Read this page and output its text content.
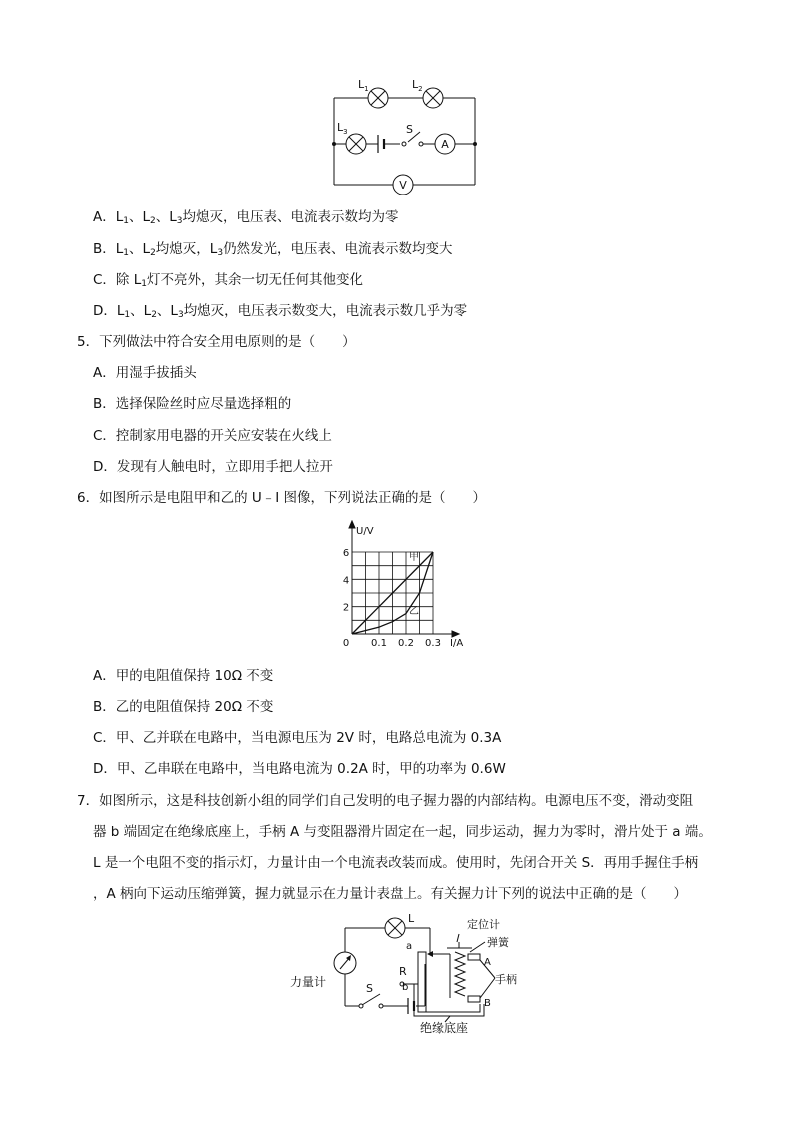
A
V
$L_1$	$L_2$
$L_3$	S
A．$L_1$、$L_2$、$L_3$均熄灭，电压表、电流表示数均为零
B．$L_1$、$L_2$均熄灭，$L_3$仍然发光，电压表、电流表示数均变大
C．除 $L_1$灯不亮外，其余一切无任何其他变化
D．$L_1$、$L_2$、$L_3$均熄灭，电压表示数变大，电流表示数几乎为零
5．下列做法中符合安全用电原则的是（　　）
A．用湿手拔插头
B．选择保险丝时应尽量选择粗的
C．控制家用电器的开关应安装在火线上
D．发现有人触电时，立即用手把人拉开
6．如图所示是电阻甲和乙的 U﹣I 图像，下列说法正确的是（　　）
U/V
I/A
甲
乙
0 0.1 0.2 0.3
2
4
6
A．甲的电阻值保持 10Ω 不变
B．乙的电阻值保持 20Ω 不变
C．甲、乙并联在电路中，当电源电压为 2V 时，电路总电流为 0.3A
D．甲、乙串联在电路中，当电路电流为 0.2A 时，甲的功率为 0.6W
7．如图所示，这是科技创新小组的同学们自己发明的电子握力器的内部结构。电源电压不变，滑动变阻
器 b 端固定在绝缘底座上，手柄 A 与变阻器滑片固定在一起，同步运动，握力为零时，滑片处于 a 端。
L 是一个电阻不变的指示灯，力量计由一个电流表改装而成。使用时，先闭合开关 S．再用手握住手柄
，A 柄向下运动压缩弹簧，握力就显示在力量计表盘上。有关握力计下列的说法中正确的是（　　）
L	定位计
弹簧
A
手柄
B
a
R
b
力量计	S
绝缘底座
